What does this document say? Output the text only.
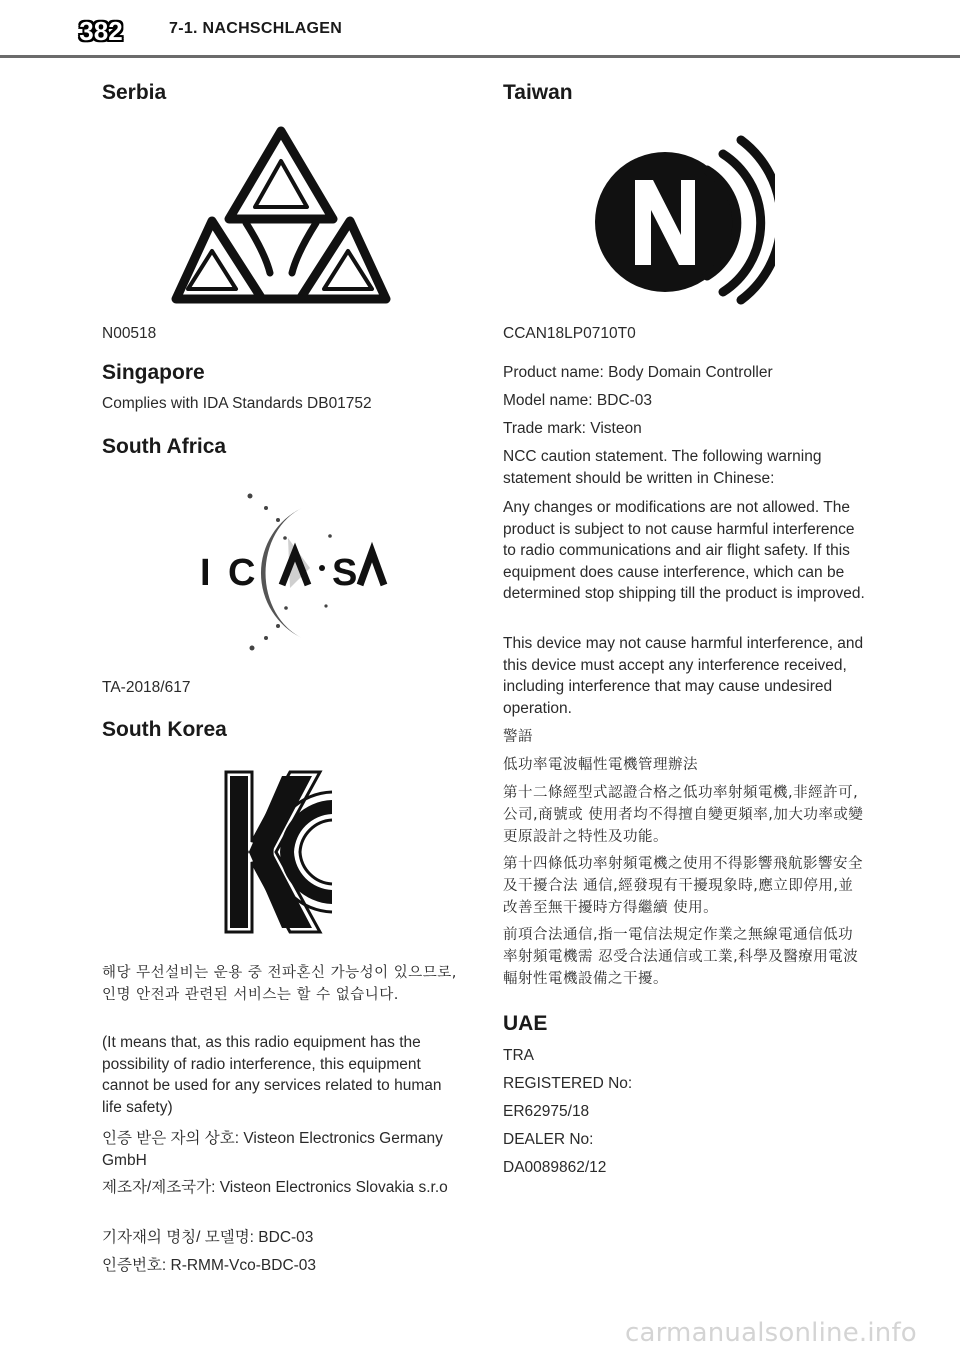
382	7-1. NACHSCHLAGEN
Serbia
N00518
Singapore
Complies with IDA Standards DB01752
South Africa
I C S
TA-2018/617
South Korea
해당 무선설비는 운용 중 전파혼신 가능성이 있으므로, 인명 안전과 관련된 서비스는 할 수 없습니다.
(It means that, as this radio equipment has the possibility of radio interference, this equipment cannot be used for any services related to human life safety)
인증 받은 자의 상호: Visteon Electronics Germany GmbH
제조자/제조국가: Visteon Electronics Slovakia s.r.o
기자재의 명칭/ 모델명: BDC-03
인증번호: R-RMM-Vco-BDC-03
Taiwan
CCAN18LP0710T0
Product name: Body Domain Controller
Model name: BDC-03
Trade mark: Visteon
NCC caution statement. The following warning statement should be written in Chinese:
Any changes or modifications are not allowed. The product is subject to not cause harmful interference to radio communications and air flight safety. If this equipment does cause interference, which can be determined stop shipping till the product is improved.
This device may not cause harmful interference, and this device must accept any interference received, including interference that may cause undesired operation.
警語
低功率電波輻性電機管理辦法
第十二條經型式認證合格之低功率射頻電機,非經許可,公司,商號或 使用者均不得擅自變更頻率,加大功率或變更原設計之特性及功能。
第十四條低功率射頻電機之使用不得影響飛航影響安全及干擾合法 通信,經發現有干擾現象時,應立即停用,並改善至無干擾時方得繼續 使用。
前項合法通信,指一電信法規定作業之無線電通信低功率射頻電機需 忍受合法通信或工業,科學及醫療用電波輻射性電機設備之干擾。
UAE
TRA
REGISTERED No:
ER62975/18
DEALER No:
DA0089862/12
carmanualsonline.info
